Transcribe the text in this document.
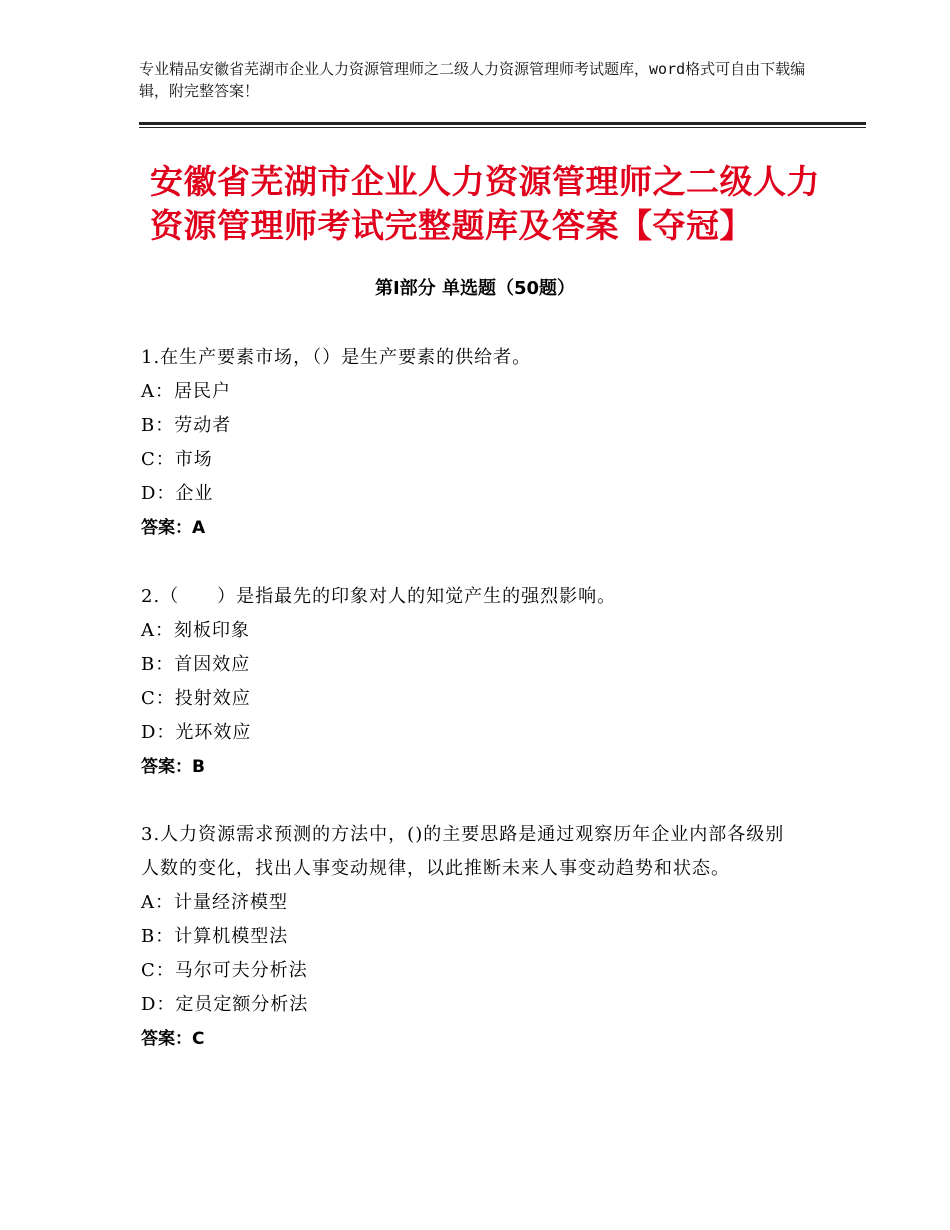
专业精品安徽省芜湖市企业人力资源管理师之二级人力资源管理师考试题库，word格式可自由下载编辑，附完整答案！
安徽省芜湖市企业人力资源管理师之二级人力资源管理师考试完整题库及答案【夺冠】
第Ⅰ部分 单选题（50题）
1.在生产要素市场，（）是生产要素的供给者。
A：居民户
B：劳动者
C：市场
D：企业
答案：A
2.（　　）是指最先的印象对人的知觉产生的强烈影响。
A：刻板印象
B：首因效应
C：投射效应
D：光环效应
答案：B
3.人力资源需求预测的方法中，()的主要思路是通过观察历年企业内部各级别人数的变化，找出人事变动规律，以此推断未来人事变动趋势和状态。
A：计量经济模型
B：计算机模型法
C：马尔可夫分析法
D：定员定额分析法
答案：C
